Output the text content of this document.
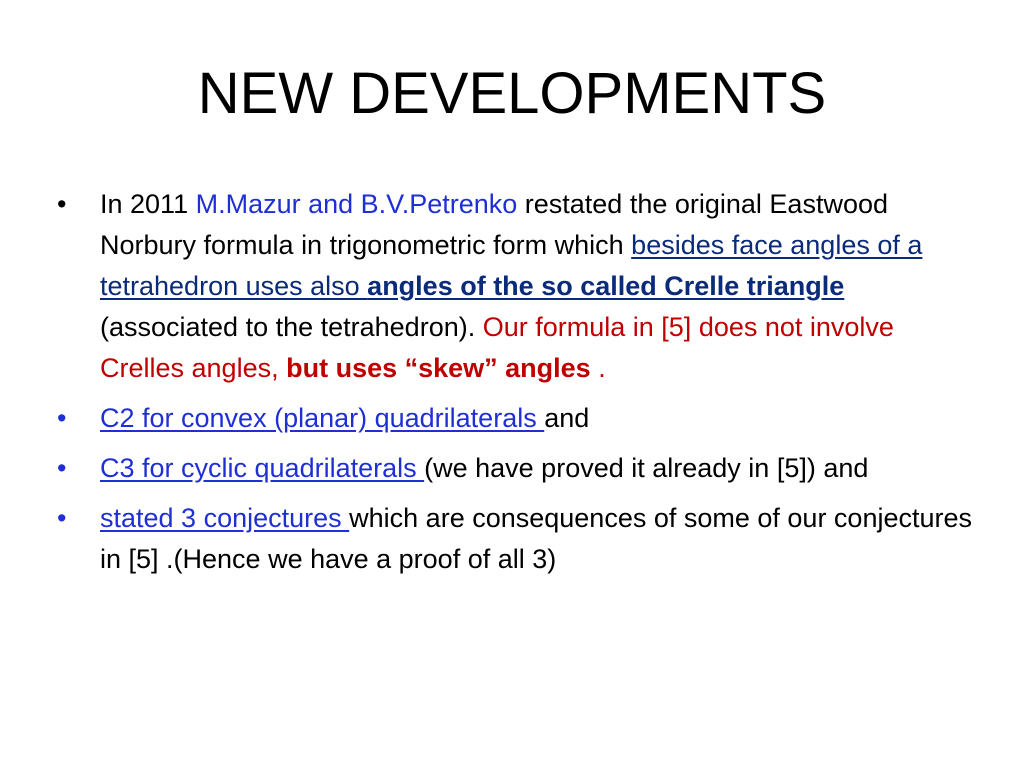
NEW DEVELOPMENTS
• In 2011 M.Mazur and B.V.Petrenko restated the original Eastwood Norbury formula in trigonometric form which besides face angles of a tetrahedron uses also angles of the so called Crelle triangle (associated to the tetrahedron). Our formula in [5] does not involve Crelles angles, but uses “skew” angles .
• C2 for convex (planar) quadrilaterals and
• C3 for cyclic quadrilaterals (we have proved it already in [5]) and
• stated 3 conjectures which are consequences of some of our conjectures in [5] .(Hence we have a proof of all 3)
